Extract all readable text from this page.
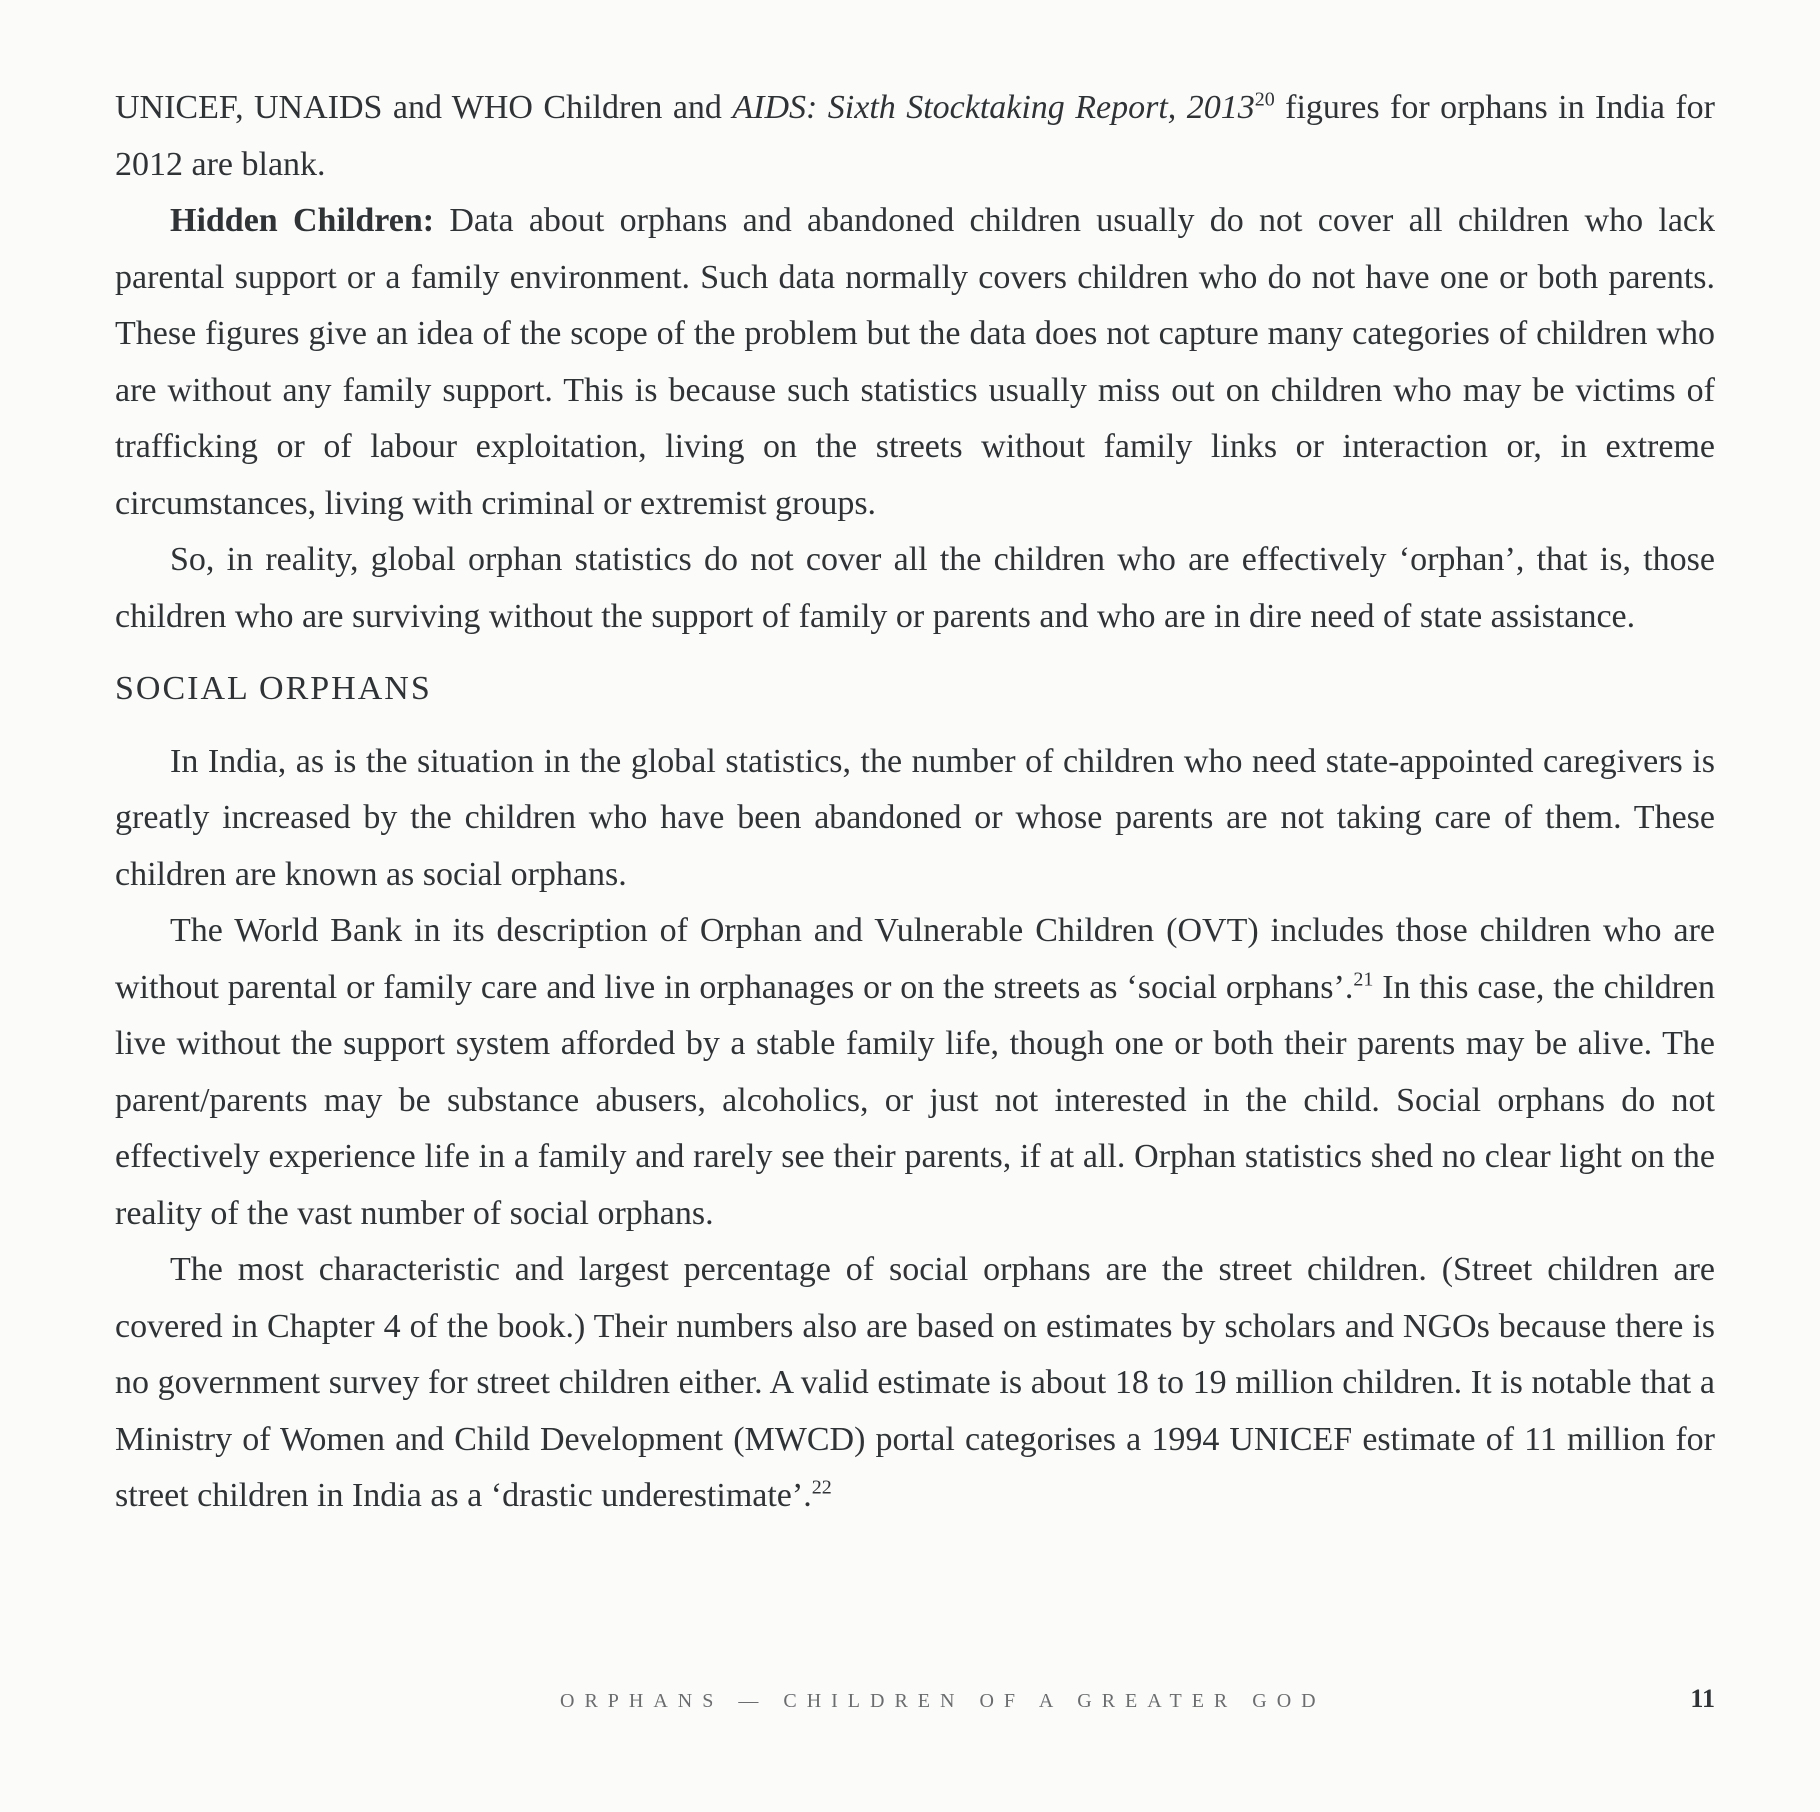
UNICEF, UNAIDS and WHO Children and AIDS: Sixth Stocktaking Report, 2013$^{20}$ figures for orphans in India for 2012 are blank.

Hidden Children: Data about orphans and abandoned children usually do not cover all children who lack parental support or a family environment. Such data normally covers children who do not have one or both parents. These figures give an idea of the scope of the problem but the data does not capture many categories of children who are without any family support. This is because such statistics usually miss out on children who may be victims of trafficking or of labour exploitation, living on the streets without family links or interaction or, in extreme circumstances, living with criminal or extremist groups.

So, in reality, global orphan statistics do not cover all the children who are effectively ‘orphan’, that is, those children who are surviving without the support of family or parents and who are in dire need of state assistance.

SOCIAL ORPHANS

In India, as is the situation in the global statistics, the number of children who need state-appointed caregivers is greatly increased by the children who have been abandoned or whose parents are not taking care of them. These children are known as social orphans.

The World Bank in its description of Orphan and Vulnerable Children (OVT) includes those children who are without parental or family care and live in orphanages or on the streets as ‘social orphans’.$^{21}$ In this case, the children live without the support system afforded by a stable family life, though one or both their parents may be alive. The parent/parents may be substance abusers, alcoholics, or just not interested in the child. Social orphans do not effectively experience life in a family and rarely see their parents, if at all. Orphan statistics shed no clear light on the reality of the vast number of social orphans.

The most characteristic and largest percentage of social orphans are the street children. (Street children are covered in Chapter 4 of the book.) Their numbers also are based on estimates by scholars and NGOs because there is no government survey for street children either. A valid estimate is about 18 to 19 million children. It is notable that a Ministry of Women and Child Development (MWCD) portal categorises a 1994 UNICEF estimate of 11 million for street children in India as a ‘drastic underestimate’.$^{22}$

ORPHANS — CHILDREN OF A GREATER GOD	11
